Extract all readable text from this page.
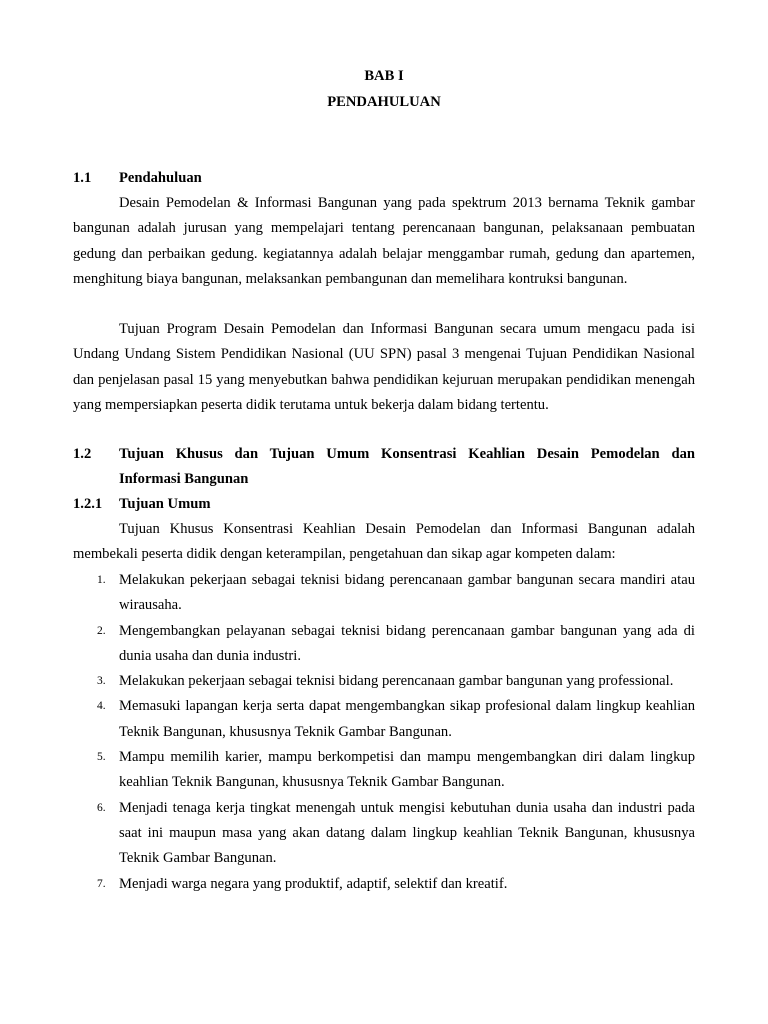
BAB I
PENDAHULUAN
1.1 Pendahuluan

Desain Pemodelan & Informasi Bangunan yang pada spektrum 2013 bernama Teknik gambar bangunan adalah jurusan yang mempelajari tentang perencanaan bangunan, pelaksanaan pembuatan gedung dan perbaikan gedung. kegiatannya adalah belajar menggambar rumah, gedung dan apartemen, menghitung biaya bangunan, melaksankan pembangunan dan memelihara kontruksi bangunan.

Tujuan Program Desain Pemodelan dan Informasi Bangunan secara umum mengacu pada isi Undang Undang Sistem Pendidikan Nasional (UU SPN) pasal 3 mengenai Tujuan Pendidikan Nasional dan penjelasan pasal 15 yang menyebutkan bahwa pendidikan kejuruan merupakan pendidikan menengah yang mempersiapkan peserta didik terutama untuk bekerja dalam bidang tertentu.

1.2 Tujuan Khusus dan Tujuan Umum Konsentrasi Keahlian Desain Pemodelan dan
Informasi Bangunan
1.2.1 Tujuan Umum

Tujuan Khusus Konsentrasi Keahlian Desain Pemodelan dan Informasi Bangunan adalah membekali peserta didik dengan keterampilan, pengetahuan dan sikap agar kompeten dalam:

1. Melakukan pekerjaan sebagai teknisi bidang perencanaan gambar bangunan secara mandiri atau wirausaha.
2. Mengembangkan pelayanan sebagai teknisi bidang perencanaan gambar bangunan yang ada di dunia usaha dan dunia industri.
3. Melakukan pekerjaan sebagai teknisi bidang perencanaan gambar bangunan yang professional.
4. Memasuki lapangan kerja serta dapat mengembangkan sikap profesional dalam lingkup keahlian Teknik Bangunan, khususnya Teknik Gambar Bangunan.
5. Mampu memilih karier, mampu berkompetisi dan mampu mengembangkan diri dalam lingkup keahlian Teknik Bangunan, khususnya Teknik Gambar Bangunan.
6. Menjadi tenaga kerja tingkat menengah untuk mengisi kebutuhan dunia usaha dan industri pada saat ini maupun masa yang akan datang dalam lingkup keahlian Teknik Bangunan, khususnya Teknik Gambar Bangunan.
7. Menjadi warga negara yang produktif, adaptif, selektif dan kreatif.
